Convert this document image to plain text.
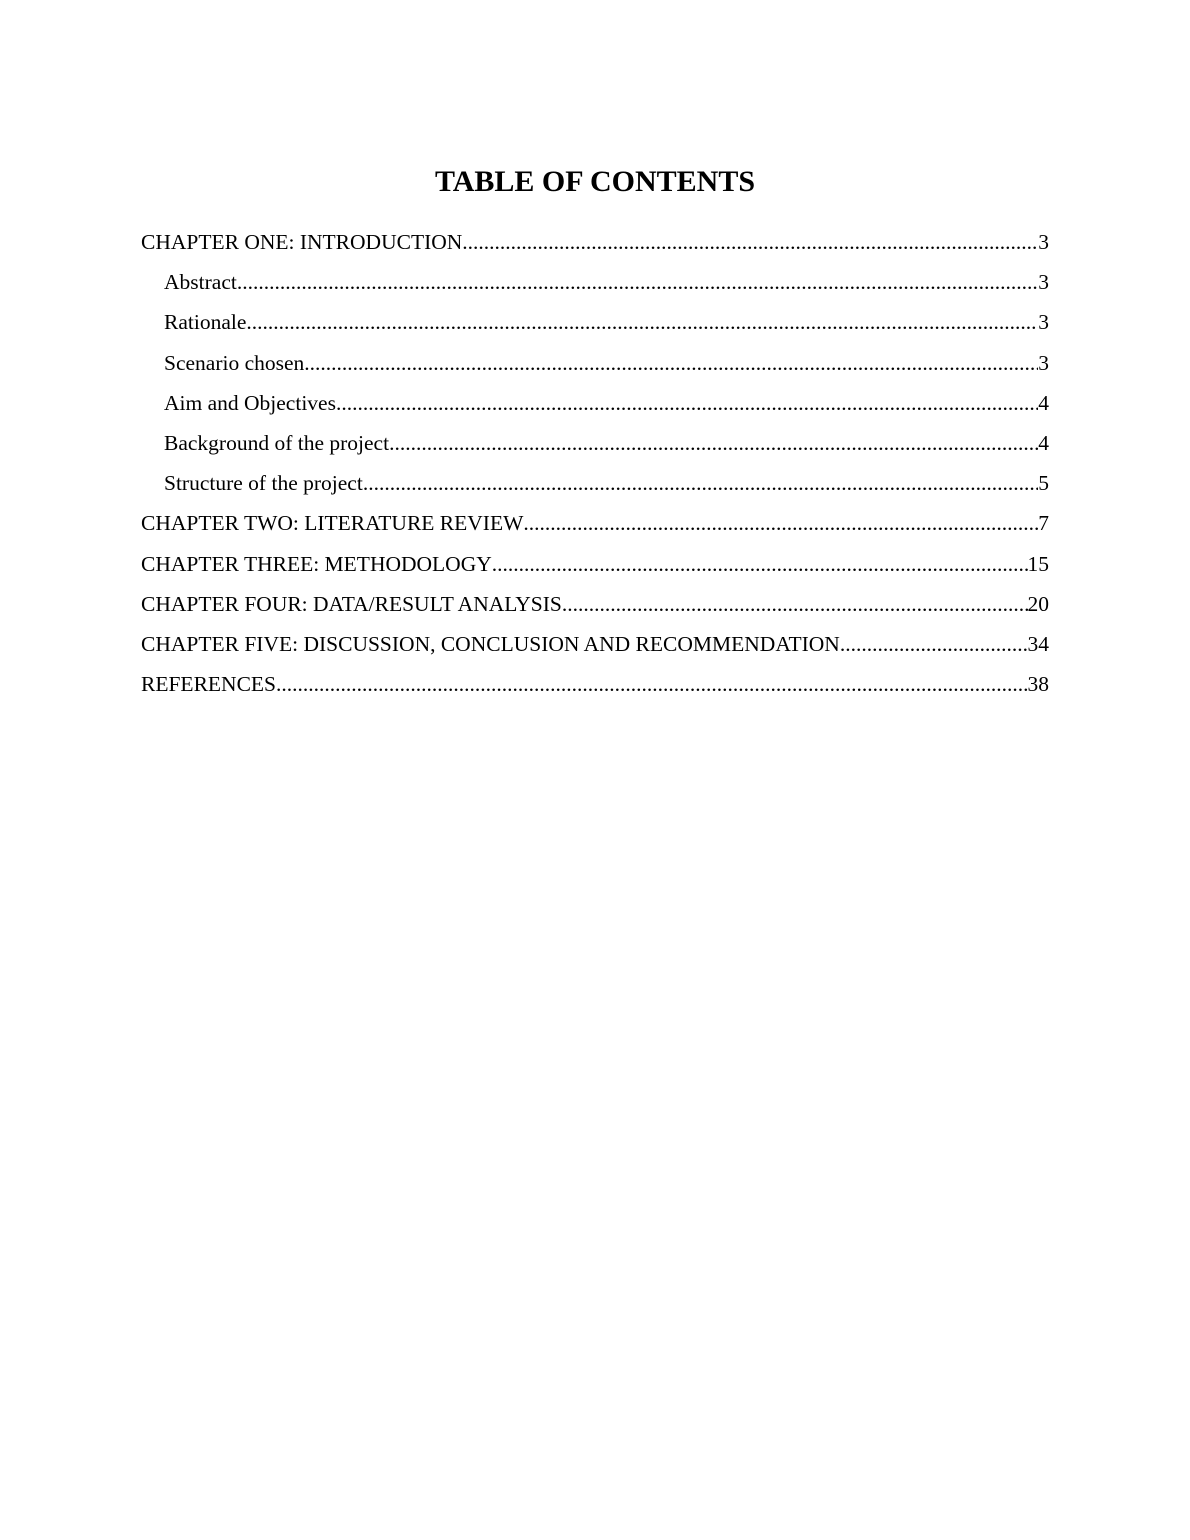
TABLE OF CONTENTS
CHAPTER ONE: INTRODUCTION .....	3
Abstract .....	3
Rationale .....	3
Scenario chosen .....	3
Aim and Objectives .....	4
Background of the project .....	4
Structure of the project .....	5
CHAPTER TWO: LITERATURE REVIEW .....	7
CHAPTER THREE: METHODOLOGY .....	15
CHAPTER FOUR: DATA/RESULT ANALYSIS .....	20
CHAPTER FIVE: DISCUSSION, CONCLUSION AND RECOMMENDATION .....	34
REFERENCES .....	38
